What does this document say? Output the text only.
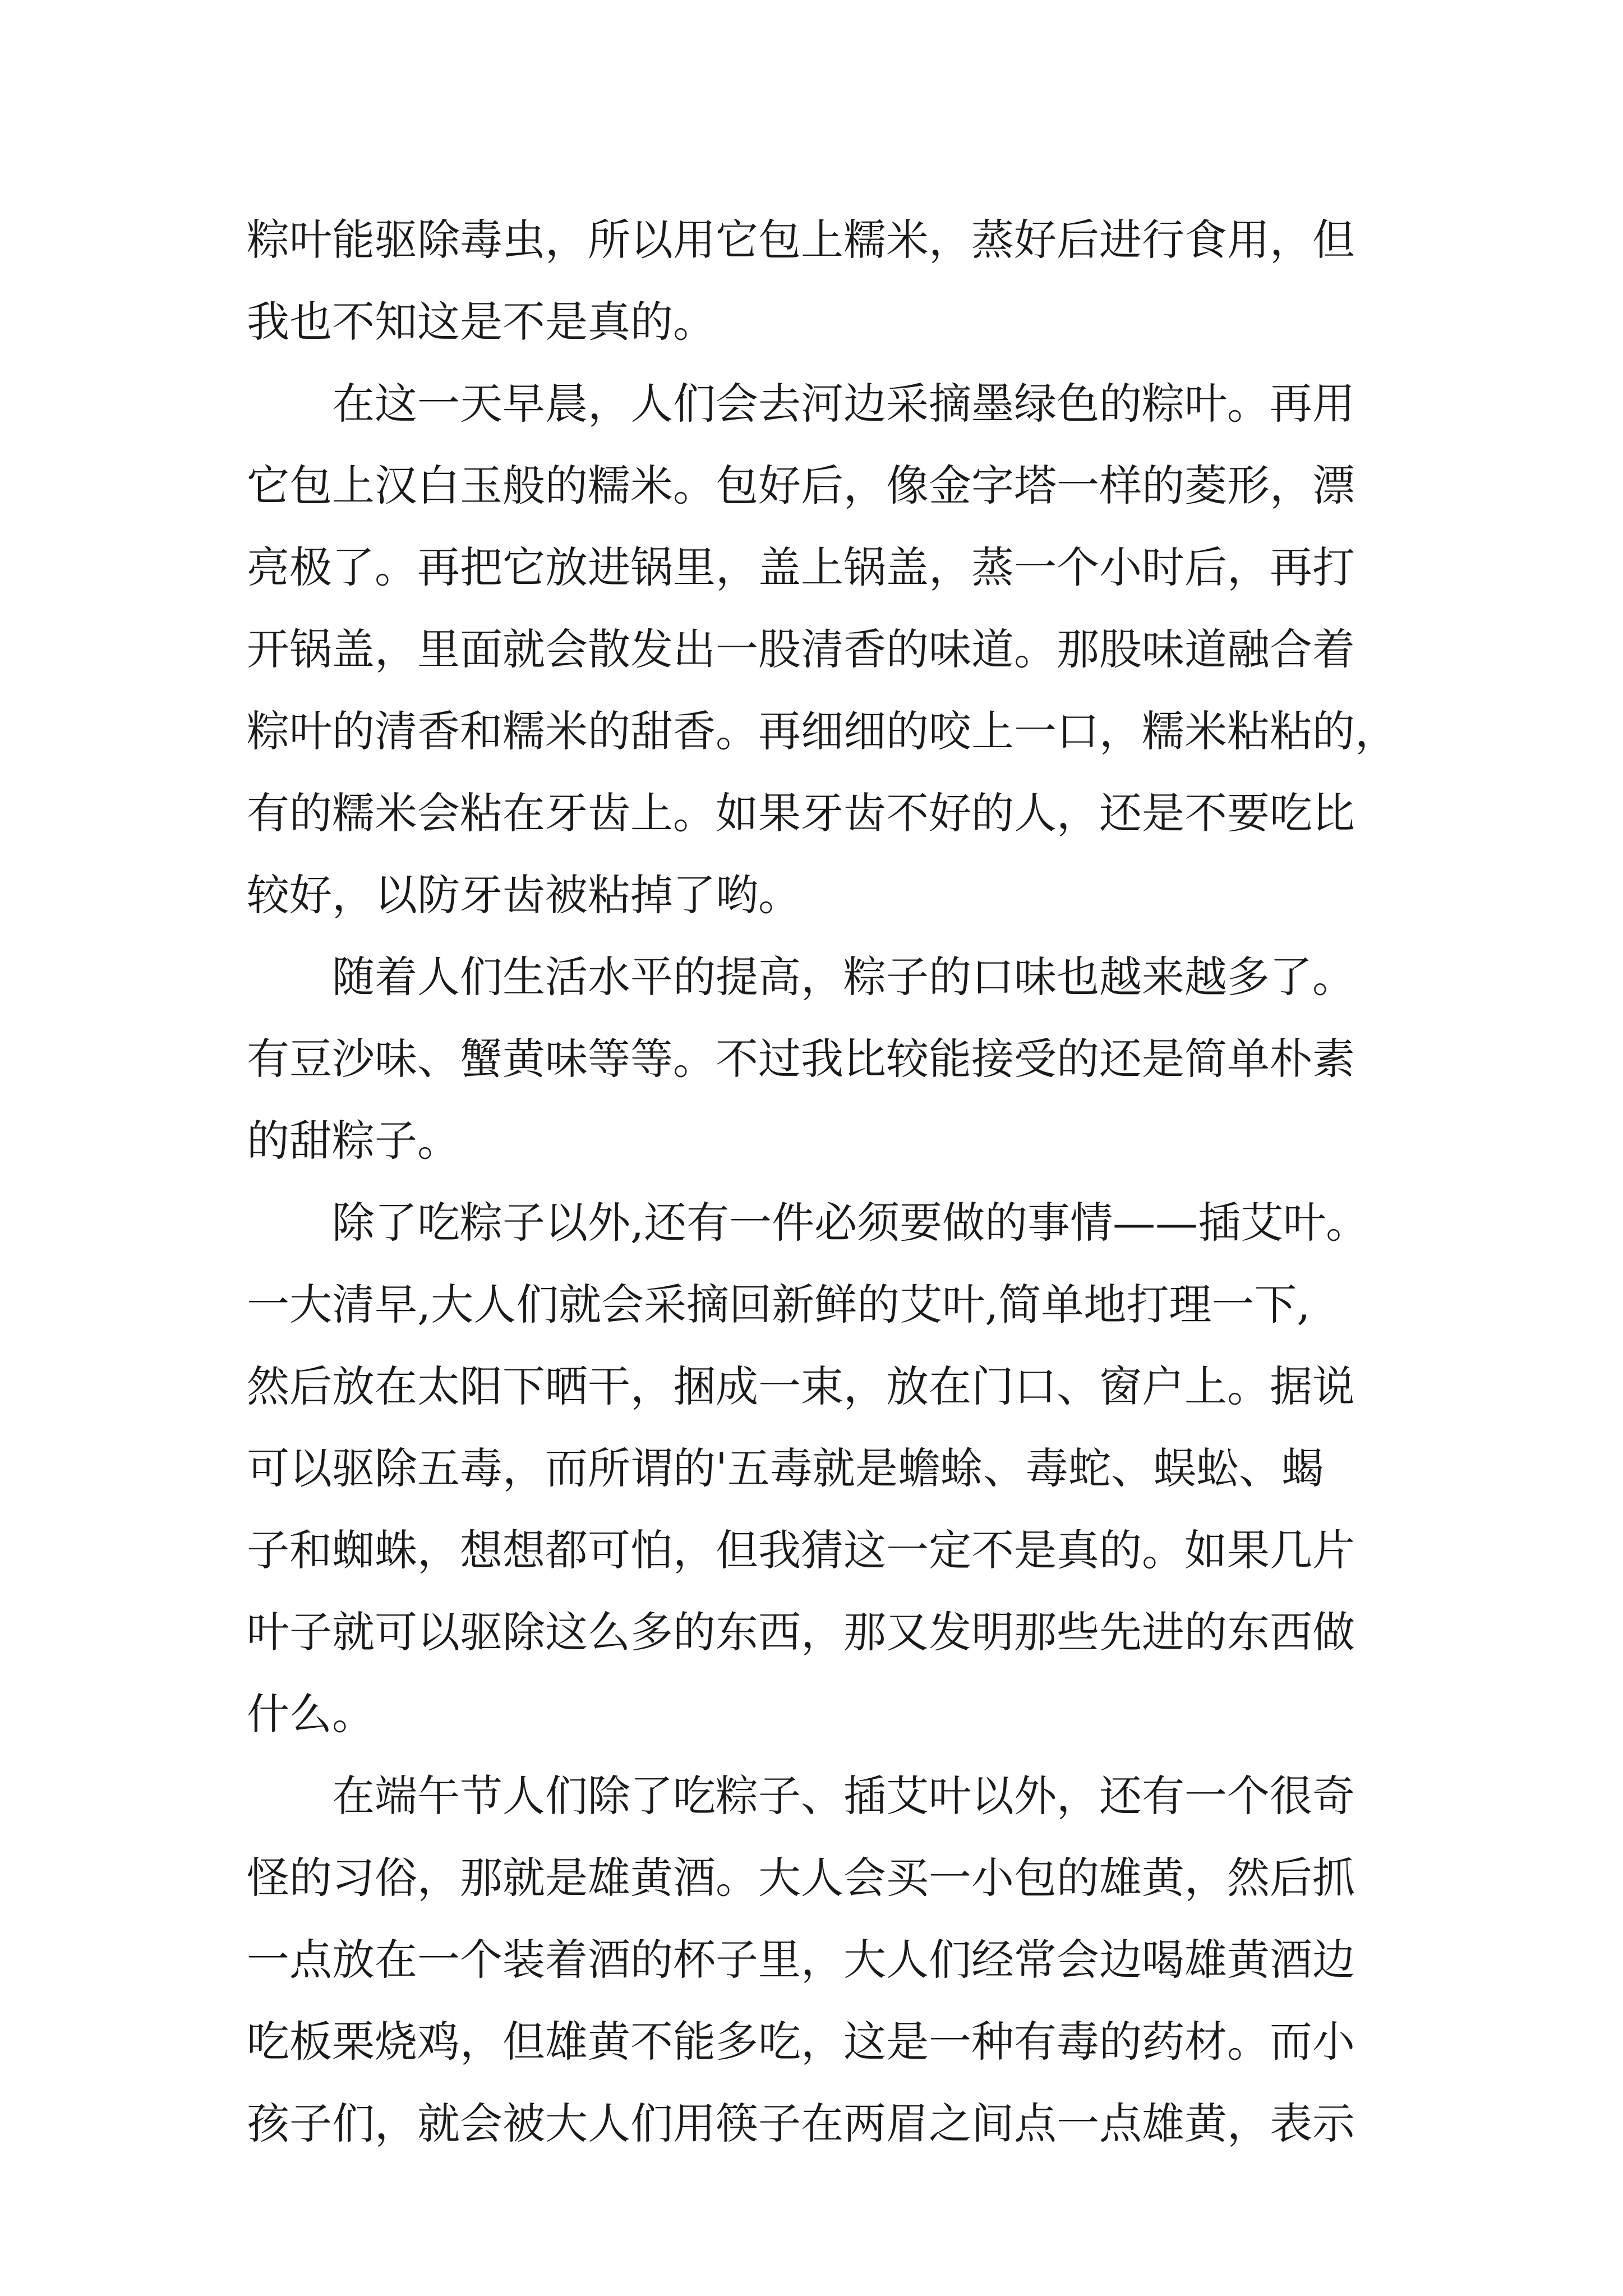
粽叶能驱除毒虫，所以用它包上糯米，蒸好后进行食用，但
我也不知这是不是真的。
在这一天早晨，人们会去河边采摘墨绿色的粽叶。再用
它包上汉白玉般的糯米。包好后，像金字塔一样的菱形，漂
亮极了。再把它放进锅里，盖上锅盖，蒸一个小时后，再打
开锅盖，里面就会散发出一股清香的味道。那股味道融合着
粽叶的清香和糯米的甜香。再细细的咬上一口，糯米粘粘的，
有的糯米会粘在牙齿上。如果牙齿不好的人，还是不要吃比
较好，以防牙齿被粘掉了哟。
随着人们生活水平的提高，粽子的口味也越来越多了。
有豆沙味、蟹黄味等等。不过我比较能接受的还是简单朴素
的甜粽子。
除了吃粽子以外,还有一件必须要做的事情——插艾叶。
一大清早,大人们就会采摘回新鲜的艾叶,简单地打理一下,
然后放在太阳下晒干，捆成一束，放在门口、窗户上。据说
可以驱除五毒，而所谓的'五毒就是蟾蜍、毒蛇、蜈蚣、蝎
子和蜘蛛，想想都可怕，但我猜这一定不是真的。如果几片
叶子就可以驱除这么多的东西，那又发明那些先进的东西做
什么。
在端午节人们除了吃粽子、插艾叶以外，还有一个很奇
怪的习俗，那就是雄黄酒。大人会买一小包的雄黄，然后抓
一点放在一个装着酒的杯子里，大人们经常会边喝雄黄酒边
吃板栗烧鸡，但雄黄不能多吃，这是一种有毒的药材。而小
孩子们，就会被大人们用筷子在两眉之间点一点雄黄，表示
